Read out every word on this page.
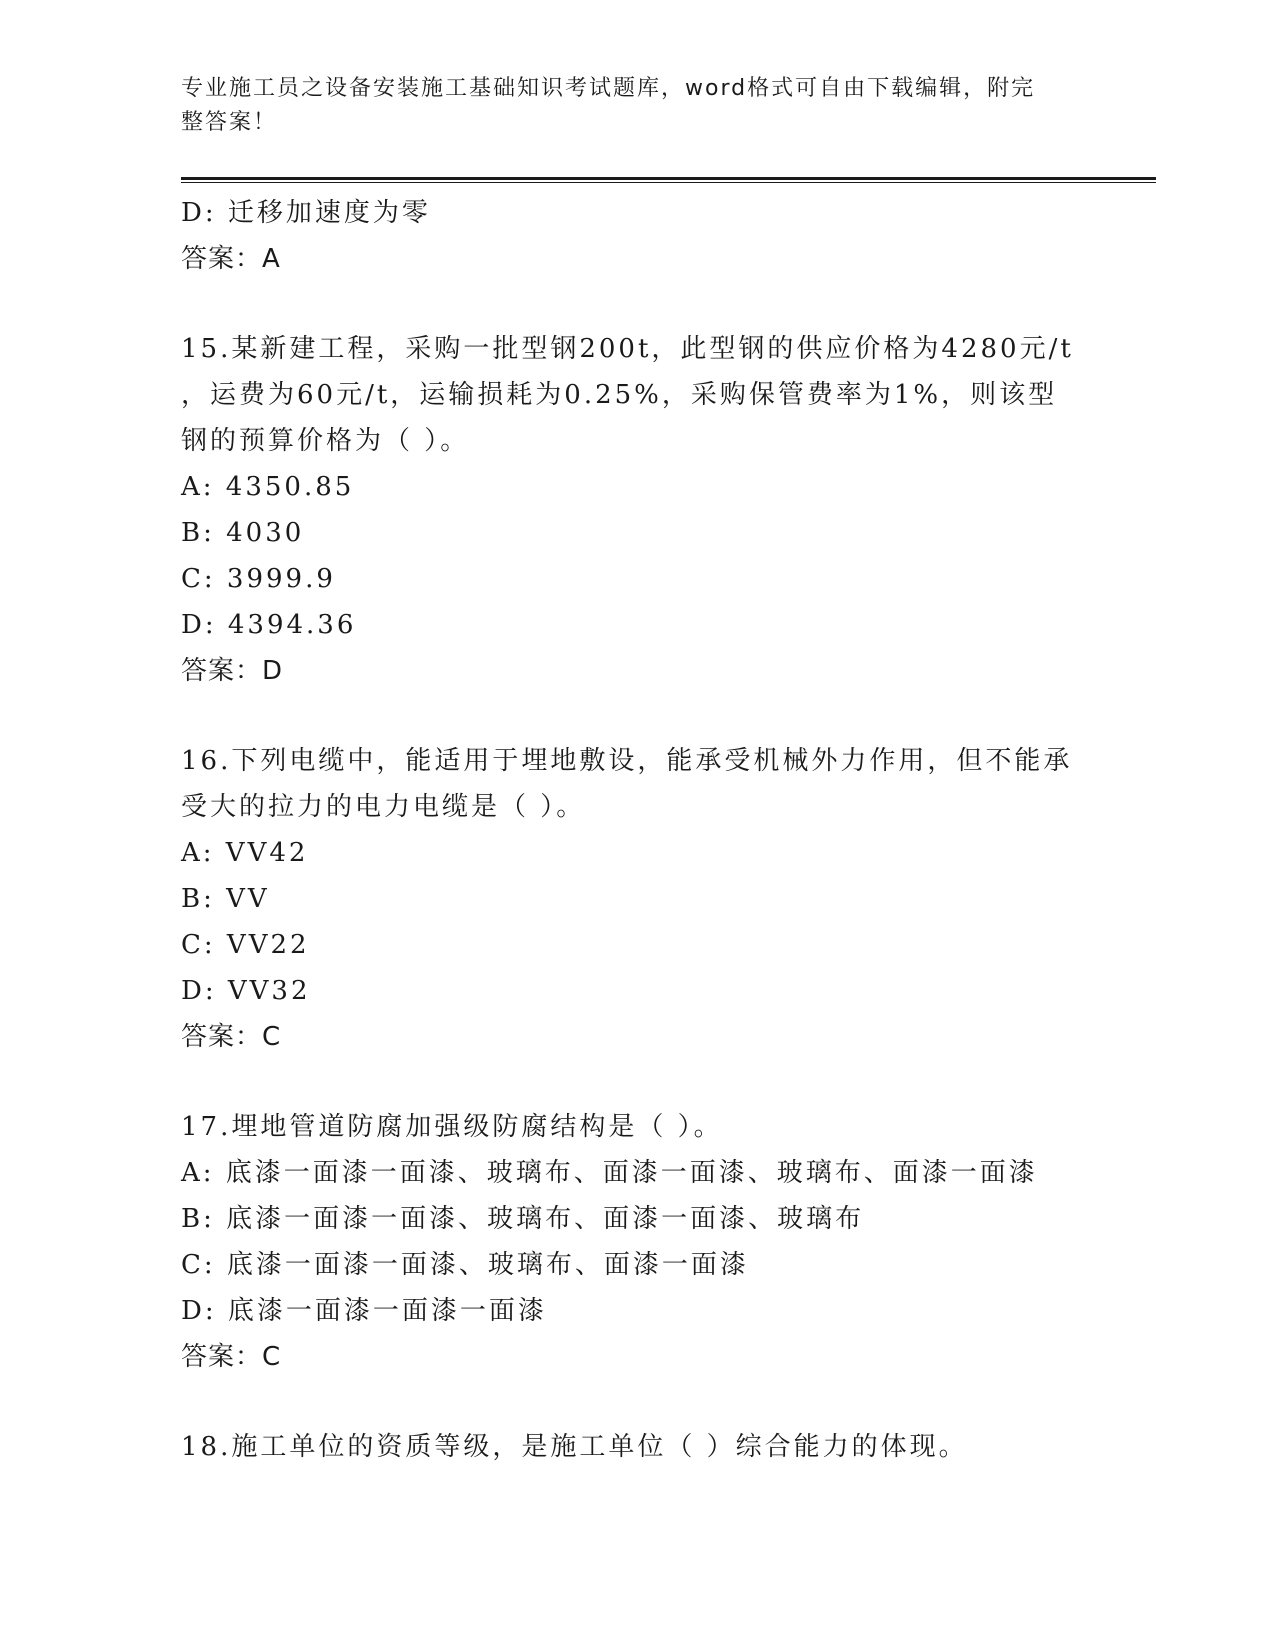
专业施工员之设备安装施工基础知识考试题库，word格式可自由下载编辑，附完
整答案！
D: 迁移加速度为零
答案：A
15.某新建工程，采购一批型钢200t，此型钢的供应价格为4280元/t
，运费为60元/t，运输损耗为0.25%，采购保管费率为1%，则该型
钢的预算价格为（ ）。
A: 4350.85
B: 4030
C: 3999.9
D: 4394.36
答案：D
16.下列电缆中，能适用于埋地敷设，能承受机械外力作用，但不能承
受大的拉力的电力电缆是（ ）。
A: VV42
B: VV
C: VV22
D: VV32
答案：C
17.埋地管道防腐加强级防腐结构是（ ）。
A: 底漆一面漆一面漆、玻璃布、面漆一面漆、玻璃布、面漆一面漆
B: 底漆一面漆一面漆、玻璃布、面漆一面漆、玻璃布
C: 底漆一面漆一面漆、玻璃布、面漆一面漆
D: 底漆一面漆一面漆一面漆
答案：C
18.施工单位的资质等级，是施工单位（ ）综合能力的体现。
